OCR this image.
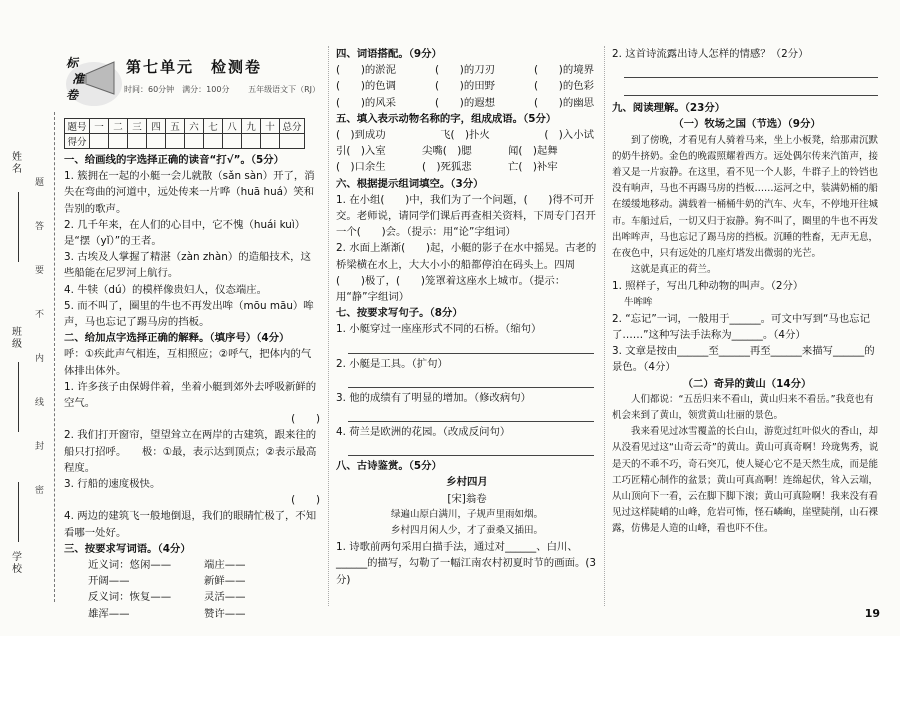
姓名
班级
学校
题
答
要
不
内
线
封
密
标
准
卷
第七单元　检测卷
时间：60分钟　满分：100分 五年级语文下（RJ）
题号	一	二	三	四	五	六	七	八	九	十	总分
得分											
一、给画线的字选择正确的读音“打√”。（5分）
1. 簇拥在一起的小艇一会儿就散（sǎn sàn）开了，消失在弯曲的河道中，远处传来一片哗（huā huá）笑和告别的歌声。
2. 几千年来，在人们的心目中，它不愧（huái kuì）是“摆（yǐ）”的王者。
3. 古埃及人掌握了精湛（zàn zhàn）的造船技术，这些船能在尼罗河上航行。
4. 牛犊（dú）的模样像贵妇人，仪态端庄。
5. 而不叫了，圈里的牛也不再发出哞（mōu māu）哞声，马也忘记了踢马房的挡板。
二、给加点字选择正确的解释。（填序号）（4分）
呼：①疾此声气相连，互相照应；②呼气，把体内的气体排出体外。
1. 许多孩子由保姆伴着，坐着小艇到郊外去呼吸新鲜的空气。
(　　)
2. 我们打开窗帘，望望耸立在两岸的古建筑，跟来往的船只打招呼。　　极：①最，表示达到顶点；②表示最高程度。
3. 行船的速度极快。
(　　)
4. 两边的建筑飞一般地倒退，我们的眼睛忙极了，不知看哪一处好。
三、按要求写词语。（4分）
近义词：悠闲——	端庄——
开阔——	新鲜——
反义词：恢复——	灵活——
雄浑——	赞许——
四、词语搭配。（9分）
(　　)的淤泥	(　　)的刀刃	(　　)的境界
(　　)的色调	(　　)的田野	(　　)的色彩
(　　)的风采	(　　)的遐想	(　　)的幽思
五、填入表示动物名称的字，组成成语。（5分）
(　)到成功	飞(　)扑火	(　)入小试
引(　)入室	尖嘴(　)腮	闻(　)起舞
(　)口余生	(　)死狐悲	亡(　)补牢
六、根据提示组词填空。（3分）
1. 在小组(　　)中，我们为了一个问题，(　　)得不可开交。老师说，请同学们课后再查相关资料，下周专门召开一个(　　)会。（提示：用“论”字组词）
2. 水面上渐渐(　　)起，小艇的影子在水中摇晃。古老的桥梁横在水上，大大小小的船都停泊在码头上。四周(　　)极了，(　　)笼罩着这座水上城市。（提示：用“静”字组词）
七、按要求写句子。（8分）
1. 小艇穿过一座座形式不同的石桥。（缩句）
2. 小艇是工具。（扩句）
3. 他的成绩有了明显的增加。（修改病句）
4. 荷兰是欧洲的花园。（改成反问句）
八、古诗鉴赏。（5分）
乡村四月
[宋]翁卷
绿遍山原白满川，子规声里雨如烟。
乡村四月闲人少，才了蚕桑又插田。
1. 诗歌前两句采用白描手法，通过对______、白川、______的描写，勾勒了一幅江南农村初夏时节的画面。(3分)
2. 这首诗流露出诗人怎样的情感？（2分）
九、阅读理解。（23分）
（一）牧场之国（节选）（9分）
到了傍晚，才看见有人骑着马来，坐上小板凳，给那肃沉默的奶牛挤奶。金色的晚霞照耀着西方。远处偶尔传来汽笛声，接着又是一片寂静。在这里，看不见一个人影，牛群子上的铃铛也没有响声，马也不再踢马房的挡板……运河之中，装满奶桶的船在缓缓地移动。满载着一桶桶牛奶的汽车、火车，不停地开往城市。车船过后，一切又归于寂静。狗不叫了，圈里的牛也不再发出哞哞声，马也忘记了踢马房的挡板。沉睡的牲畜，无声无息，在夜色中，只有远处的几座灯塔发出微弱的光芒。
这就是真正的荷兰。
1. 照样子，写出几种动物的叫声。（2分）
牛哞哞
2. “忘记”一词，一般用于______。可文中写到“马也忘记了……”这种写法手法称为______。（4分）
3. 文章是按由______至______再至______来描写______的景色。（4分）
（二）奇异的黄山（14分）
人们都说：“五岳归来不看山，黄山归来不看岳。”我竟也有机会来到了黄山，领赏黄山壮丽的景色。
我来看见过冰雪覆盖的长白山，游览过红叶似火的香山，却从没看见过这“山奇云奇”的黄山。黄山可真奇啊！玲珑隽秀，说是天的不乖不巧，奇石突兀，使人疑心它不是天然生成，而是能工巧匠精心制作的盆景；黄山可真高啊！连绵起伏，耸入云端，从山顶向下一看，云在脚下脚下滚；黄山可真险啊！我来没有看见过这样陡峭的山峰，危岩可怖，怪石嶙峋，崖壁陡削，山石裸露，仿佛是人造的山峰，看也吓不住。
19
